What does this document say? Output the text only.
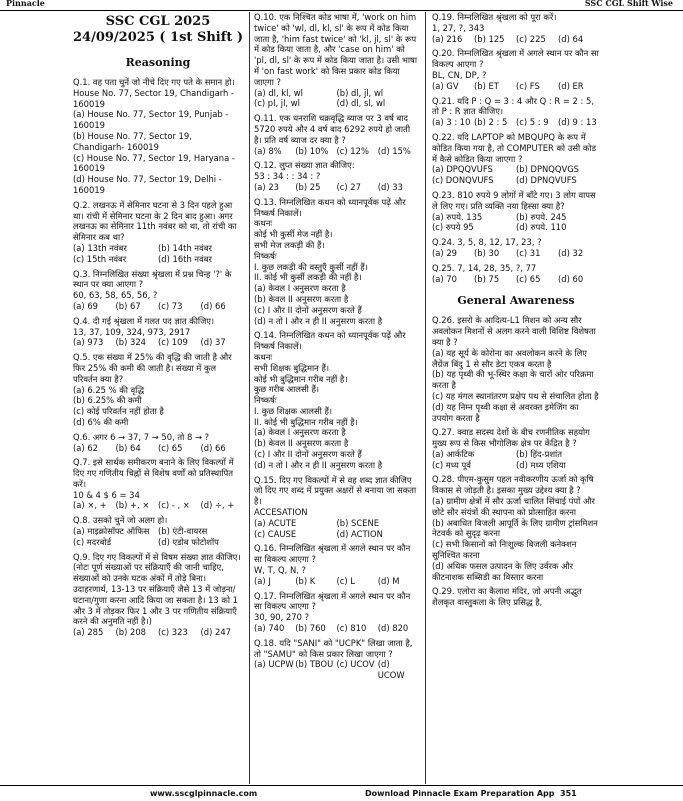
Pinnacle	SSC CGL Shift Wise
SSC CGL 2025
24/09/2025 ( 1st Shift )
Reasoning
Q.1. वह पता चुनें जो नीचे दिए गए पते के समान हो।
House No. 77, Sector 19, Chandigarh - 160019
(a) House No. 77, Sector 19, Punjab - 160019
(b) House No. 77, Sector 19, Chandigarh- 160019
(c) House No. 77, Sector 19, Haryana - 160019
(d) House No. 77, Sector 19, Delhi - 160019
Q.2. लखनऊ में सेमिनार घटना से 3 दिन पहले हुआ था। रांची में सेमिनार घटना के 2 दिन बाद हुआ। अगर लखनऊ का सेमिनार 11th नवंबर को था, तो रांची का सेमिनार कब था?
(a) 13th नवंबर	(b) 14th नवंबर
(c) 15th नवंबर	(d) 16th नवंबर
Q.3. निम्नलिखित संख्या श्रृंखला में प्रश्न चिन्ह '?' के स्थान पर क्या आएगा ?
60, 63, 58, 65, 56, ?
(a) 69	(b) 67	(c) 73	(d) 66
Q.4. दी गई श्रृंखला में गलत पद ज्ञात कीजिए।
13, 37, 109, 324, 973, 2917
(a) 973	(b) 324	(c) 109	(d) 37
Q.5. एक संख्या में 25% की वृद्धि की जाती है और फिर 25% की कमी की जाती है। संख्या में कुल परिवर्तन क्या है?
(a) 6.25 % की वृद्धि
(b) 6.25% की कमी
(c) कोई परिवर्तन नहीं होता है
(d) 6% की कमी
Q.6. अगर 6 → 37, 7 → 50, तो 8 → ?
(a) 62	(b) 64	(c) 65	(d) 66
Q.7. इसे सार्थक समीकरण बनाने के लिए विकल्पों में दिए गए गणितीय चिह्नों से विशेष वर्णों को प्रतिस्थापित करें।
10 & 4 $ 6 = 34
(a) ×, +	(b) +, ×	(c) - , ×	(d) ÷, +
Q.8. उसको चुनें जो अलग हो।
(a) माइक्रोसॉफ्ट ऑफिस	(b) एंटी-वायरस
(c) मदरबोर्ड	(d) एडोब फोटोशॉप
Q.9. दिए गए विकल्पों में से विषम संख्या ज्ञात कीजिए।
(नोटः पूर्ण संख्याओं पर संक्रियाएँ की जानी चाहिए, संख्याओं को उनके घटक अंकों में तोड़े बिना। उदाहरणार्थ, 13-13 पर संक्रियाएँ जैसे 13 में जोड़ना/घटाना/गुणा करना आदि किया जा सकता है। 13 को 1 और 3 में तोड़कर फिर 1 और 3 पर गणितीय संक्रियाएँ करने की अनुमति नहीं है।)
(a) 285	(b) 208	(c) 323	(d) 247
Q.10. एक निश्चित कोड भाषा में, 'work on him twice' को 'wl, dl, kl, sl' के रूप में कोड किया जाता है, 'him fast twice' को 'kl, jl, sl' के रूप में कोड किया जाता है, और 'case on him' को 'pl, dl, sl' के रूप में कोड किया जाता है। उसी भाषा में 'on fast work' को किस प्रकार कोड किया जाएगा ?
(a) dl, kl, wl	(b) dl, jl, wl
(c) pl, jl, wl	(d) dl, sl, wl
Q.11. एक धनराशि चक्रवृद्धि ब्याज पर 3 वर्ष बाद 5720 रुपये और 4 वर्ष बाद 6292 रुपये हो जाती है। प्रति वर्ष ब्याज दर क्या है ?
(a) 8%	(b) 10% (c) 12%	(d) 15%
Q.12. लुप्त संख्या ज्ञात कीजिए:
53 : 34 : : 34 : ?
(a) 23	(b) 25	(c) 27	(d) 33
Q.13. निम्नलिखित कथन को ध्यानपूर्वक पढ़ें और निष्कर्ष निकालें।
कथनः
कोई भी कुर्सी मेज नहीं है।
सभी मेज लकड़ी की हैं।
निष्कर्षः
I. कुछ लकड़ी की वस्तुएँ कुर्सी नहीं हैं।
II. कोई भी कुर्सी लकड़ी की नहीं है।
(a) केवल I अनुसरण करता है
(b) केवल II अनुसरण करता है
(c) I और II दोनों अनुसरण करते हैं
(d) न तो I और न ही II अनुसरण करता है
Q.14. निम्नलिखित कथन को ध्यानपूर्वक पढ़ें और निष्कर्ष निकालें।
कथनः
सभी शिक्षक बुद्धिमान हैं।
कोई भी बुद्धिमान गरीब नहीं है।
कुछ गरीब आलसी हैं।
निष्कर्षः
I. कुछ शिक्षक आलसी हैं।
II. कोई भी बुद्धिमान गरीब नहीं है।
(a) केवल I अनुसरण करता है
(b) केवल II अनुसरण करता है
(c) I और II दोनों अनुसरण करते हैं
(d) न तो I और न ही II अनुसरण करता है
Q.15. दिए गए विकल्पों में से वह शब्द ज्ञात कीजिए जो दिए गए शब्द में प्रयुक्त अक्षरों से बनाया जा सकता है।
ACCESATION
(a) ACUTE	(b) SCENE
(c) CAUSE	(d) ACTION
Q.16. निम्नलिखित श्रृंखला में अगले स्थान पर कौन सा विकल्प आएगा ?
W, T, Q, N, ?
(a) J	(b) K	(c) L	(d) M
Q.17. निम्नलिखित श्रृंखला में अगले स्थान पर कौन सा विकल्प आएगा ?
30, 90, 270 ?
(a) 740	(b) 760	(c) 810	(d) 820
Q.18. यदि "SANI" को "UCPK" लिखा जाता है, तो "SAMU" को किस प्रकार लिखा जाएगा ?
(a) UCPW (b) TBOU (c) UCOV (d) UCOW
Q.19. निम्नलिखित श्रृंखला को पूरा करें।
1, 27, ?, 343
(a) 216	(b) 125	(c) 225	(d) 64
Q.20. निम्नलिखित श्रृंखला में अगले स्थान पर कौन सा विकल्प आएगा ?
BL, CN, DP, ?
(a) GV	(b) ET	(c) FS	(d) ER
Q.21. यदि P : Q = 3 : 4 और Q : R = 2 : 5, तो P : R ज्ञात कीजिए।
(a) 3 : 10 (b) 2 : 5	(c) 5 : 9	(d) 9 : 13
Q.22. यदि LAPTOP को MBQUPQ के रूप में कोडित किया गया है, तो COMPUTER को उसी कोड में कैसे कोडित किया जाएगा ?
(a) DPQQVUFS	(b) DPNQQVGS
(c) DONQVUFS	(d) DPNQVUFS
Q.23. 810 रुपये 9 लोगों में बाँटे गए। 3 लोग वापस ले लिए गए। प्रति व्यक्ति नया हिस्सा क्या है?
(a) रुपये. 135	(b) रुपये. 245
(c) रुपये 95	(d) रुपये. 110
Q.24. 3, 5, 8, 12, 17, 23, ?
(a) 29	(b) 30	(c) 31	(d) 32
Q.25. 7, 14, 28, 35, ?, 77
(a) 70	(b) 75	(c) 65	(d) 60
General Awareness
Q.26. इसरो के आदित्य-L1 मिशन को अन्य सौर अवलोकन मिशनों से अलग करने वाली विशिष्ट विशेषता क्या है ?
(a) यह सूर्य के कोरोना का अवलोकन करने के लिए लैग्रेंज बिंदु 1 से सौर डेटा एकत्र करता है
(b) यह पृथ्वी की भू-स्थिर कक्षा के चारों ओर परिक्रमा करता है
(c) यह मंगल स्थानांतरण प्रक्षेप पथ से संचालित होता है
(d) यह निम्न पृथ्वी कक्षा से अवरक्त इमेजिंग का उपयोग करता है
Q.27. क्वाड सदस्य देशों के बीच रणनीतिक सहयोग मुख्य रूप से किस भौगोलिक क्षेत्र पर केंद्रित है ?
(a) आर्कटिक	(b) हिंद-प्रशांत
(c) मध्य पूर्व	(d) मध्य एशिया
Q.28. पीएम-कुसुम पहल नवीकरणीय ऊर्जा को कृषि विकास से जोड़ती है। इसका मुख्य उद्देश्य क्या है ?
(a) ग्रामीण क्षेत्रों में सौर ऊर्जा चालित सिंचाई पंपों और छोटे सौर संयंत्रों की स्थापना को प्रोत्साहित करना
(b) अबाधित बिजली आपूर्ति के लिए ग्रामीण ट्रांसमिशन नेटवर्क को सुदृढ़ करना
(c) सभी किसानों को निःशुल्क बिजली कनेक्शन सुनिश्चित करना
(d) अधिक फसल उत्पादन के लिए उर्वरक और कीटनाशक सब्सिडी का विस्तार करना
Q.29. एलोरा का कैलाश मंदिर, जो अपनी अद्भुत शैलकृत वास्तुकला के लिए प्रसिद्ध है,
www.sscglpinnacle.com	Download Pinnacle Exam Preparation App 351
